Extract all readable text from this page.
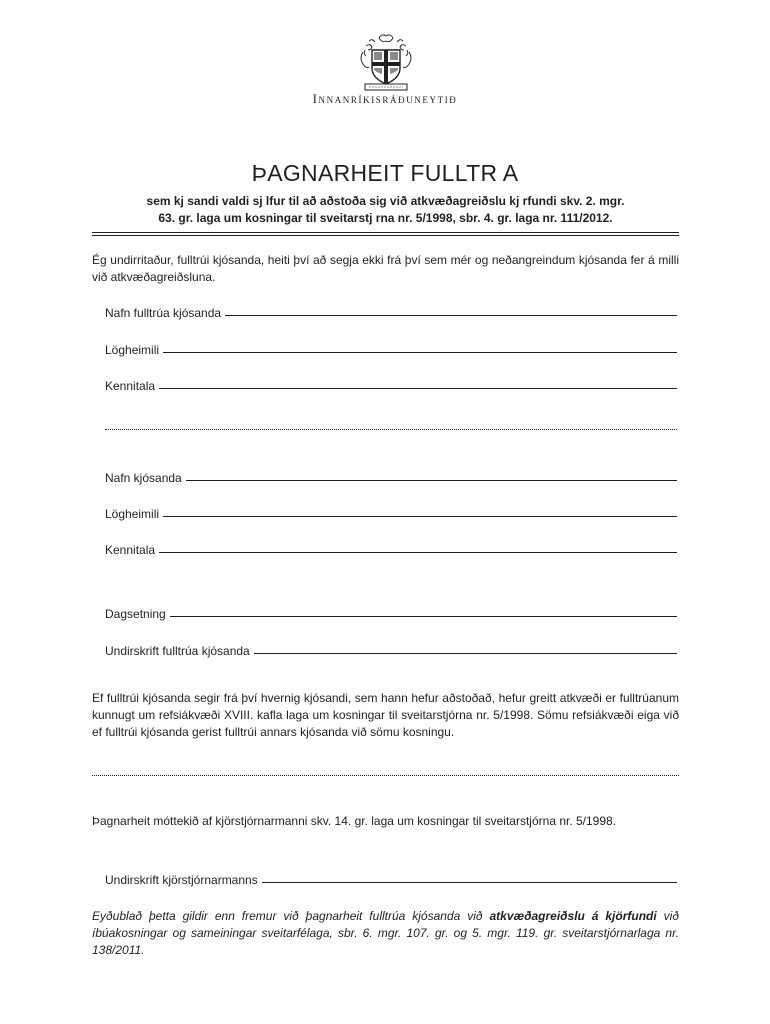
Innanríkisráðuneytið
ÞAGNARHEIT FULLTR A
sem kj sandi valdi sj lfur til að aðstoða sig við atkvæðagreiðslu kj rfundi skv. 2. mgr.
63. gr. laga um kosningar til sveitarstj rna nr. 5/1998, sbr. 4. gr. laga nr. 111/2012.
Ég undirritaður, fulltrúi kjósanda, heiti því að segja ekki frá því sem mér og neðangreindum kjósanda fer á milli við atkvæðagreiðsluna.
Nafn fulltrúa kjósanda
Lögheimili
Kennitala
Nafn kjósanda
Lögheimili
Kennitala
Dagsetning
Undirskrift fulltrúa kjósanda
Ef fulltrúi kjósanda segir frá því hvernig kjósandi, sem hann hefur aðstoðað, hefur greitt atkvæði er fulltrúanum kunnugt um refsiákvæði XVIII. kafla laga um kosningar til sveitarstjórna nr. 5/1998. Sömu refsiákvæði eiga við ef fulltrúi kjósanda gerist fulltrúi annars kjósanda við sömu kosningu.
Þagnarheit móttekið af kjörstjórnarmanni skv. 14. gr. laga um kosningar til sveitarstjórna nr. 5/1998.
Undirskrift kjörstjórnarmanns
Eyðublað þetta gildir enn fremur við þagnarheit fulltrúa kjósanda við atkvæðagreiðslu á kjörfundi við íbúakosningar og sameiningar sveitarfélaga, sbr. 6. mgr. 107. gr. og 5. mgr. 119. gr. sveitarstjórnarlaga nr. 138/2011.
